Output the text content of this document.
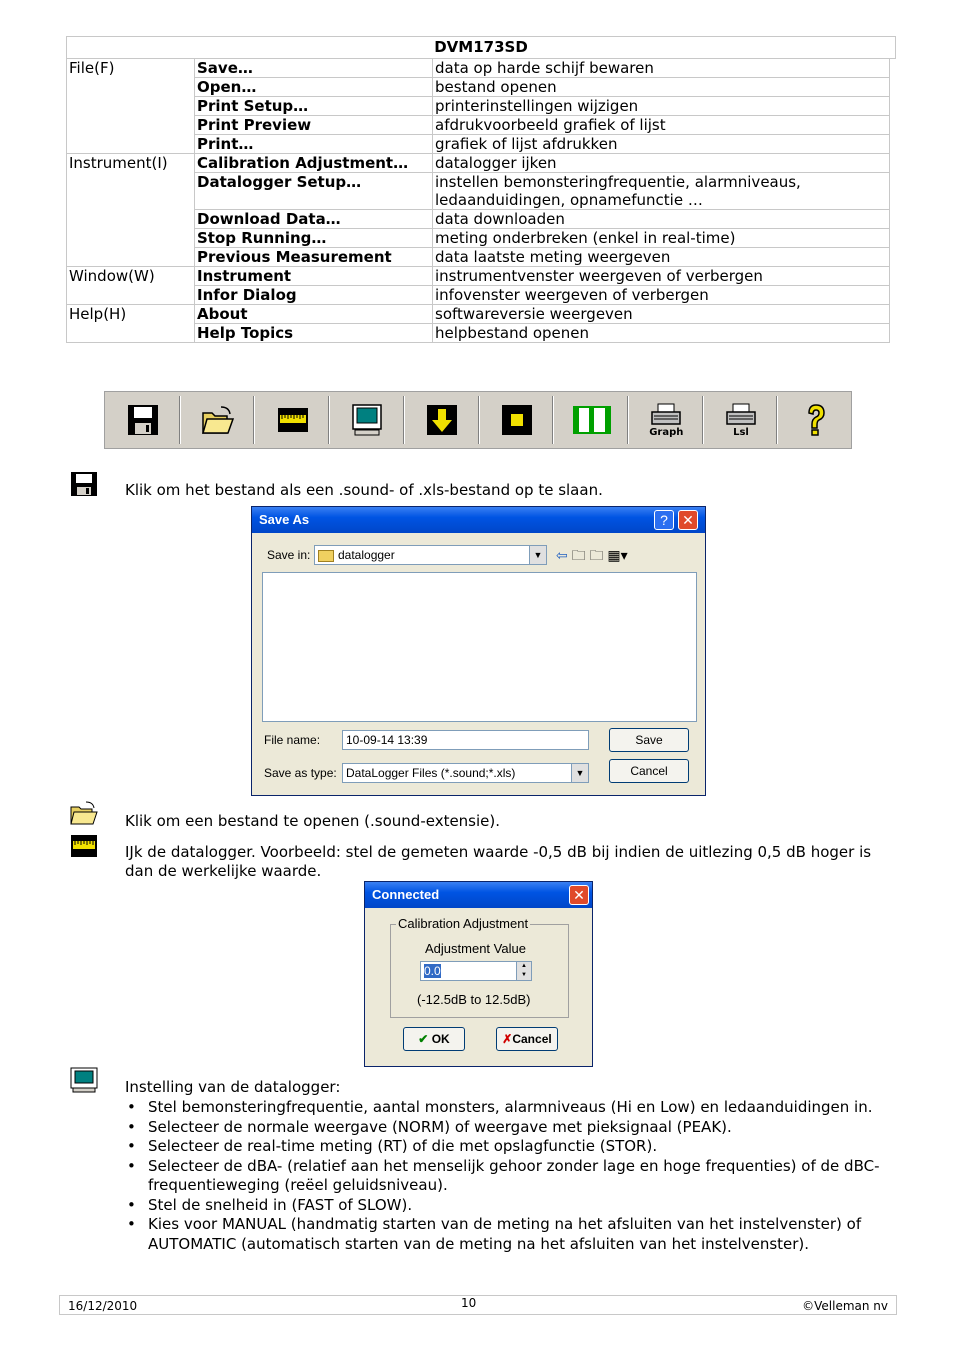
DVM173SD
File(F)	Save…	data op harde schijf bewaren
	Open…	bestand openen
	Print Setup…	printerinstellingen wijzigen
	Print Preview	afdrukvoorbeeld grafiek of lijst
	Print…	grafiek of lijst afdrukken
Instrument(I)	Calibration Adjustment…	datalogger ijken
	Datalogger Setup…	instellen bemonsteringfrequentie, alarmniveaus, ledaanduidingen, opnamefunctie …
	Download Data…	data downloaden
	Stop Running…	meting onderbreken (enkel in real-time)
	Previous Measurement	data laatste meting weergeven
Window(W)	Instrument	instrumentvenster weergeven of verbergen
	Infor Dialog	infovenster weergeven of verbergen
Help(H)	About	softwareversie weergeven
	Help Topics	helpbestand openen
Graph	Lsl
Klik om het bestand als een .sound- of .xls-bestand op te slaan.
Save As	?	✕
Save in:	datalogger	▼ ⇦ 🗀 🗀 ▦▾
File name:	10-09-14 13:39
Save as type: DataLogger Files (*.sound;*.xls)	▼
Save
Cancel
Klik om een bestand te openen (.sound-extensie).
IJk de datalogger. Voorbeeld: stel de gemeten waarde -0,5 dB bij indien de uitlezing 0,5 dB hoger is dan de werkelijke waarde.
Connected	✕
Calibration Adjustment
Adjustment Value
0.0	▲
▼
(-12.5dB to 12.5dB)
✔ OK	✗Cancel
Instelling van de datalogger:
• Stel bemonsteringfrequentie, aantal monsters, alarmniveaus (Hi en Low) en ledaanduidingen in.
• Selecteer de normale weergave (NORM) of weergave met pieksignaal (PEAK).
• Selecteer de real-time meting (RT) of die met opslagfunctie (STOR).
• Selecteer de dBA- (relatief aan het menselijk gehoor zonder lage en hoge frequenties) of de dBC-frequentieweging (reëel geluidsniveau).
• Stel de snelheid in (FAST of SLOW).
• Kies voor MANUAL (handmatig starten van de meting na het afsluiten van het instelvenster) of AUTOMATIC (automatisch starten van de meting na het afsluiten van het instelvenster).
16/12/2010	10	©Velleman nv
